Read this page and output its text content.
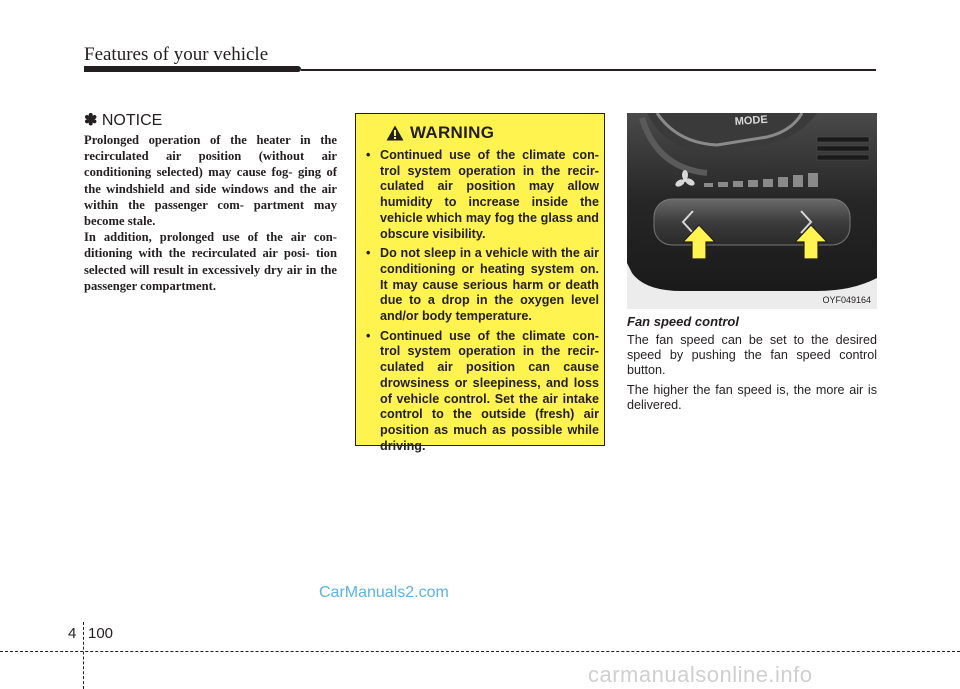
Features of your vehicle
✽ NOTICE

Prolonged operation of the heater in the recirculated air position (without air conditioning selected) may cause fog- ging of the windshield and side windows and the air within the passenger com- partment may become stale.

In addition, prolonged use of the air con- ditioning with the recirculated air posi- tion selected will result in excessively dry air in the passenger compartment.

WARNING
• Continued use of the climate con- trol system operation in the recir- culated air position may allow humidity to increase inside the vehicle which may fog the glass and obscure visibility.
• Do not sleep in a vehicle with the air conditioning or heating system on. It may cause serious harm or death due to a drop in the oxygen level and/or body temperature.
• Continued use of the climate con- trol system operation in the recir- culated air position can cause drowsiness or sleepiness, and loss of vehicle control. Set the air intake control to the outside (fresh) air position as much as possible while driving.
MODE
OYF049164

Fan speed control

The fan speed can be set to the desired speed by pushing the fan speed control button.

The higher the fan speed is, the more air is delivered.

CarManuals2.com
4 100
carmanualsonline.info
